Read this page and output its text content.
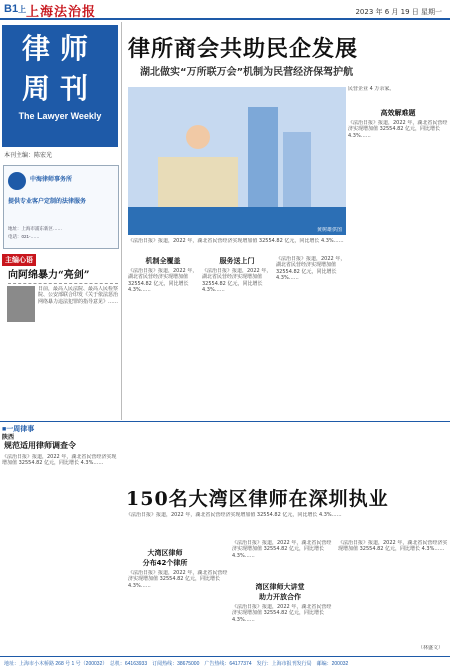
B1上 上海法治报	2023 年 6 月 19 日 星期一
律师
周刊
The Lawyer Weekly
本刊主编：陈宏光
中海律师事务所
提供专业客户定制的法律服务
地址：上海市浦东新区……
电话：021-……
主编心语
向阿绵暴力“亮剑”
日前，最高人民法院、最高人民检察院、公安部联合印发《关于依法惩治网络暴力违法犯罪的指导意见》……
律所商会共助民企发展
湖北做实“万所联万会”机制为民营经济保驾护航
黄树雄供图
民营企业 4 万余家。
高效解难题
《法治日报》报道，2022 年，湖北省民营经济实现增加值 32554.82 亿元，同比增长 4.3%……
《法治日报》报道，2022 年，湖北省民营经济实现增加值 32554.82 亿元，同比增长 4.3%……
机制全覆盖
《法治日报》报道，2022 年，湖北省民营经济实现增加值 32554.82 亿元，同比增长 4.3%……
服务送上门
《法治日报》报道，2022 年，湖北省民营经济实现增加值 32554.82 亿元，同比增长 4.3%……
《法治日报》报道，2022 年，湖北省民营经济实现增加值 32554.82 亿元，同比增长 4.3%……
■一周律事
陕西
规范适用律师调查令
《法治日报》报道，2022 年，湖北省民营经济实现增加值 32554.82 亿元，同比增长 4.3%……
150名大湾区律师在深圳执业
《法治日报》报道，2022 年，湖北省民营经济实现增加值 32554.82 亿元，同比增长 4.3%……
大湾区律师
分布42个律所
《法治日报》报道，2022 年，湖北省民营经济实现增加值 32554.82 亿元，同比增长 4.3%……
《法治日报》报道，2022 年，湖北省民营经济实现增加值 32554.82 亿元，同比增长 4.3%……
湾区律师大讲堂
助力开放合作
《法治日报》报道，2022 年，湖北省民营经济实现增加值 32554.82 亿元，同比增长 4.3%……
《法治日报》报道，2022 年，湖北省民营经济实现增加值 32554.82 亿元，同比增长 4.3%……
（林盛文）
地址：上海市小木桥路 268 号 1 号（200032）　总机：64163933　订阅热线：38675000　广告热线：64177374　发行：上海市报刊发行局　邮编：200032
